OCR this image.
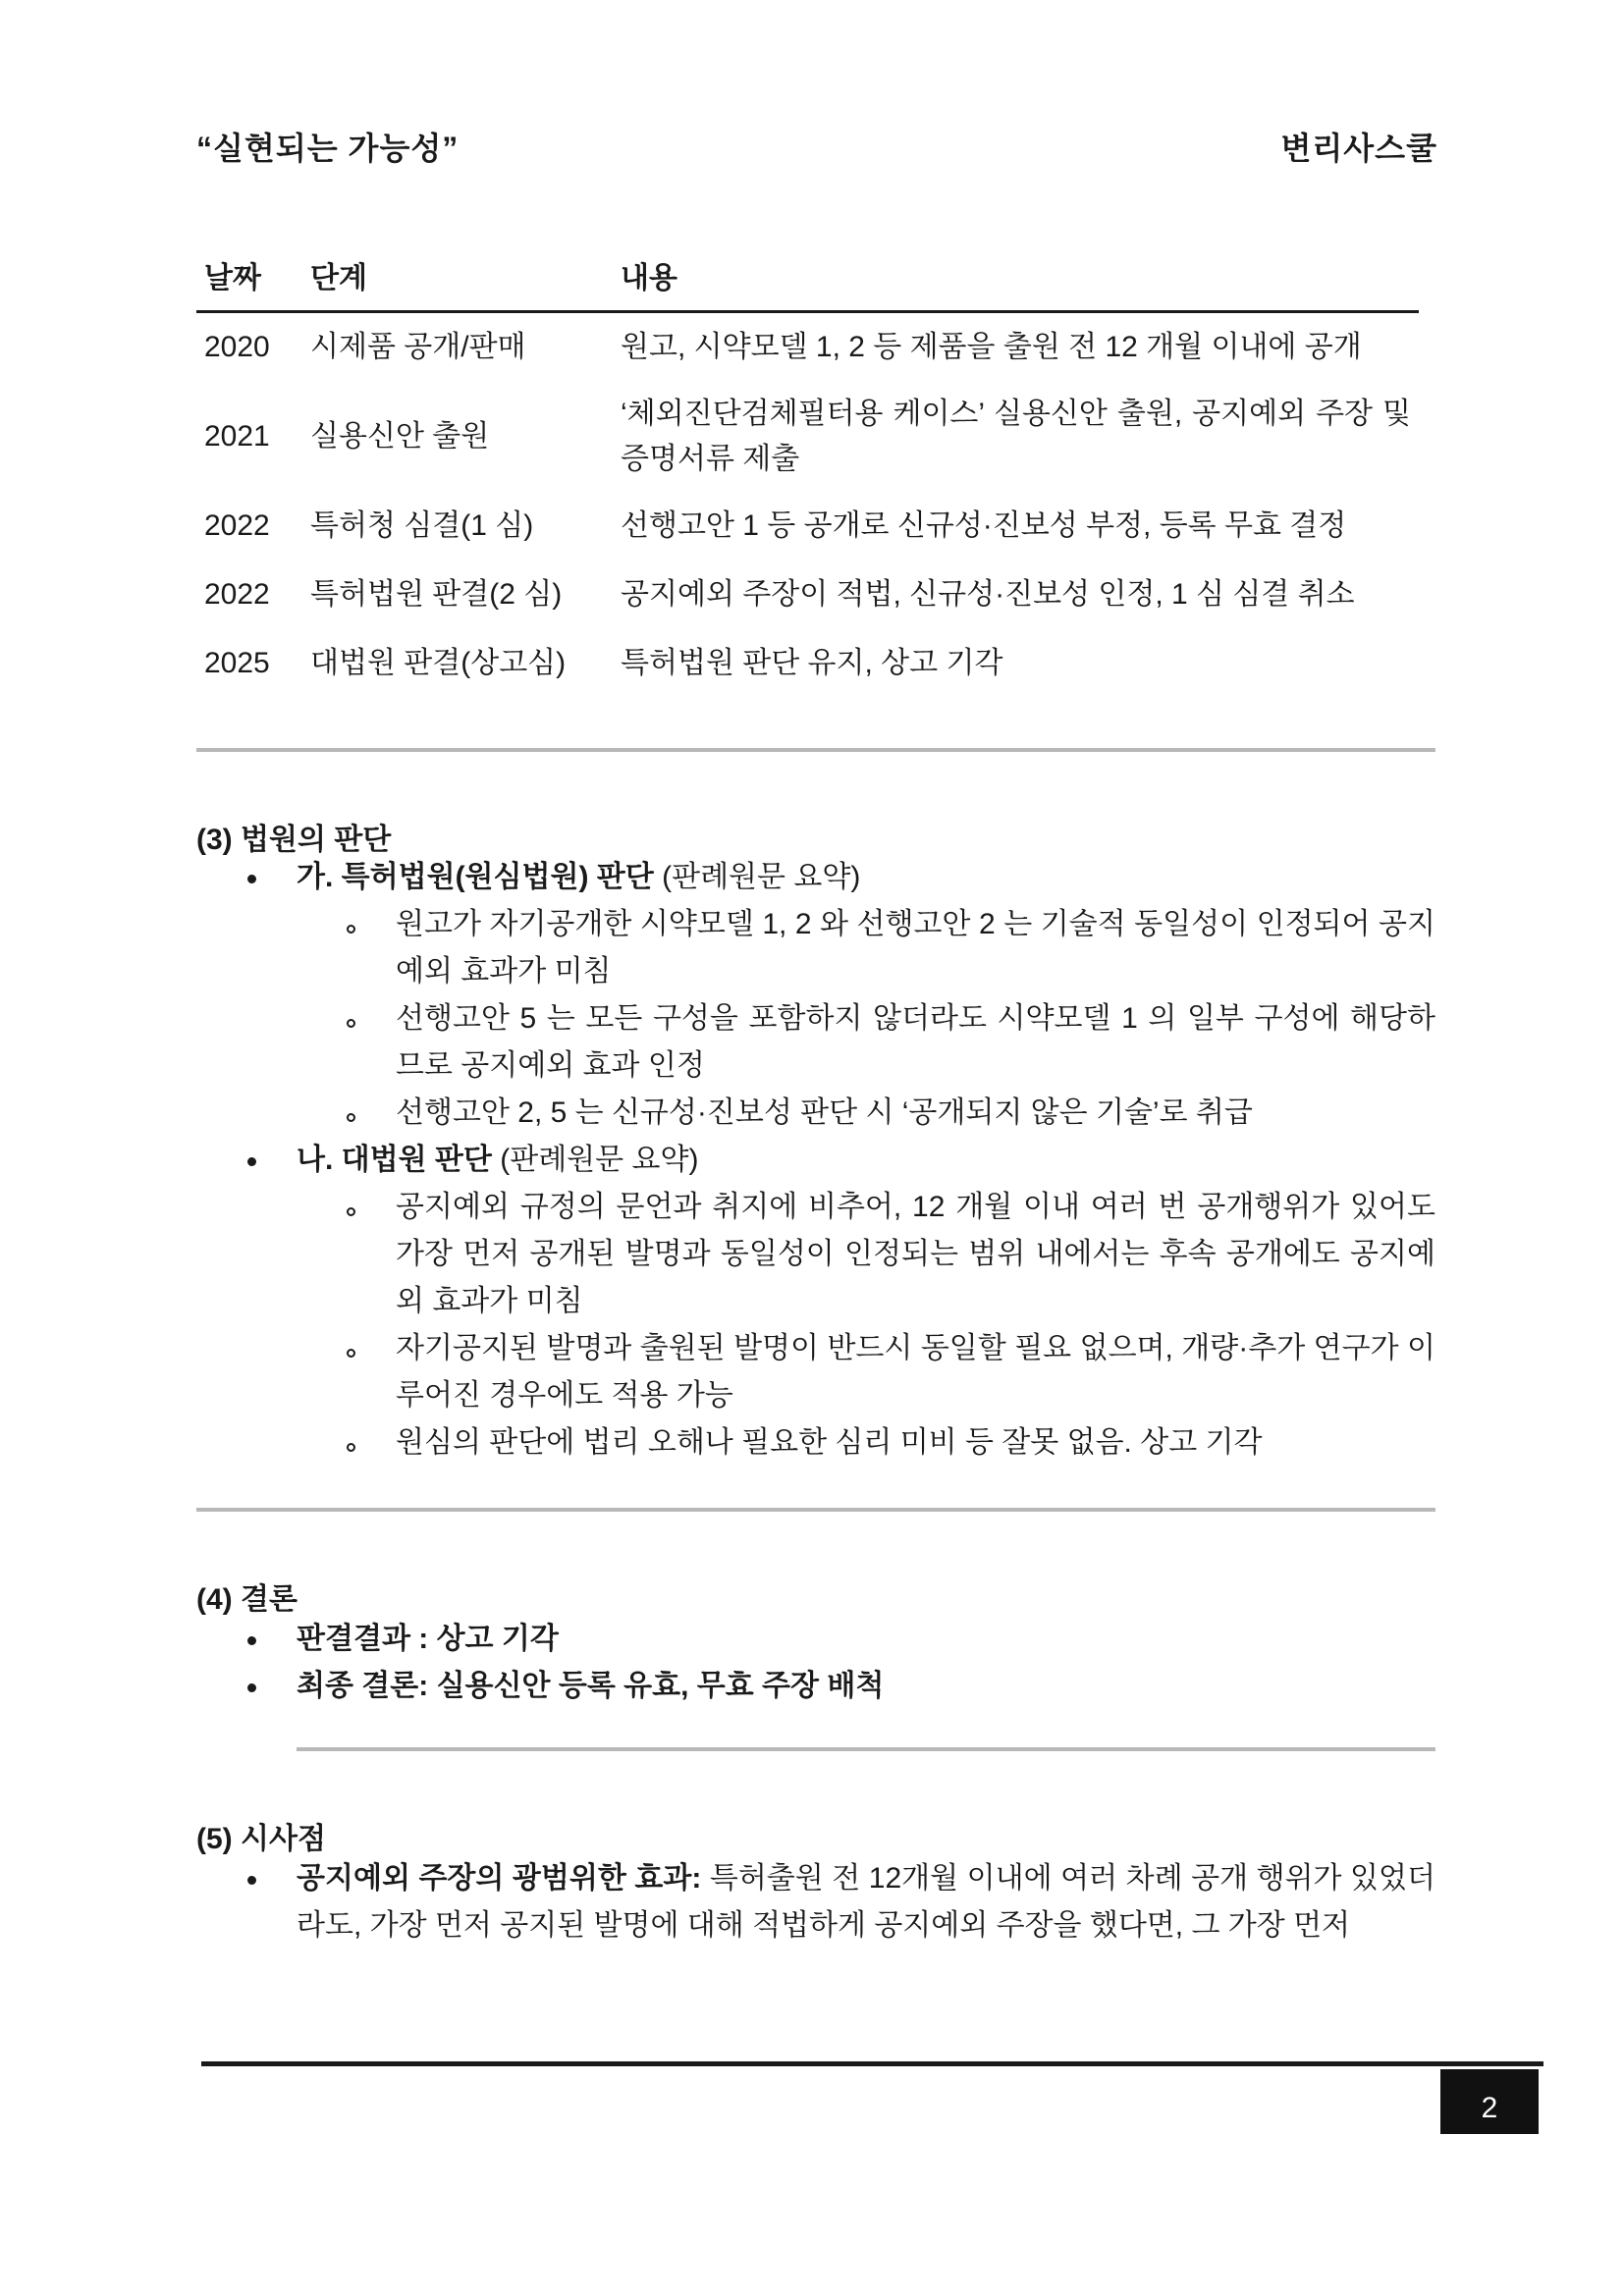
“실현되는 가능성”	변리사스쿨
날짜	단계	내용
2020	시제품 공개/판매	원고, 시약모델 1, 2 등 제품을 출원 전 12 개월 이내에 공개
2021	실용신안 출원	‘체외진단검체필터용 케이스’ 실용신안 출원, 공지예외 주장 및 증명서류 제출
2022	특허청 심결(1 심)	선행고안 1 등 공개로 신규성·진보성 부정, 등록 무효 결정
2022	특허법원 판결(2 심)	공지예외 주장이 적법, 신규성·진보성 인정, 1 심 심결 취소
2025	대법원 판결(상고심)	특허법원 판단 유지, 상고 기각
(3) 법원의 판단
가. 특허법원(원심법원) 판단 (판례원문 요약)
원고가 자기공개한 시약모델 1, 2 와 선행고안 2 는 기술적 동일성이 인정되어 공지예외 효과가 미침
선행고안 5 는 모든 구성을 포함하지 않더라도 시약모델 1 의 일부 구성에 해당하므로 공지예외 효과 인정
선행고안 2, 5 는 신규성·진보성 판단 시 ‘공개되지 않은 기술’로 취급
나. 대법원 판단 (판례원문 요약)
공지예외 규정의 문언과 취지에 비추어, 12 개월 이내 여러 번 공개행위가 있어도 가장 먼저 공개된 발명과 동일성이 인정되는 범위 내에서는 후속 공개에도 공지예외 효과가 미침
자기공지된 발명과 출원된 발명이 반드시 동일할 필요 없으며, 개량·추가 연구가 이루어진 경우에도 적용 가능
원심의 판단에 법리 오해나 필요한 심리 미비 등 잘못 없음. 상고 기각
(4) 결론
판결결과 : 상고 기각
최종 결론: 실용신안 등록 유효, 무효 주장 배척
(5) 시사점
공지예외 주장의 광범위한 효과: 특허출원 전 12개월 이내에 여러 차례 공개 행위가 있었더라도, 가장 먼저 공지된 발명에 대해 적법하게 공지예외 주장을 했다면, 그 가장 먼저
2
